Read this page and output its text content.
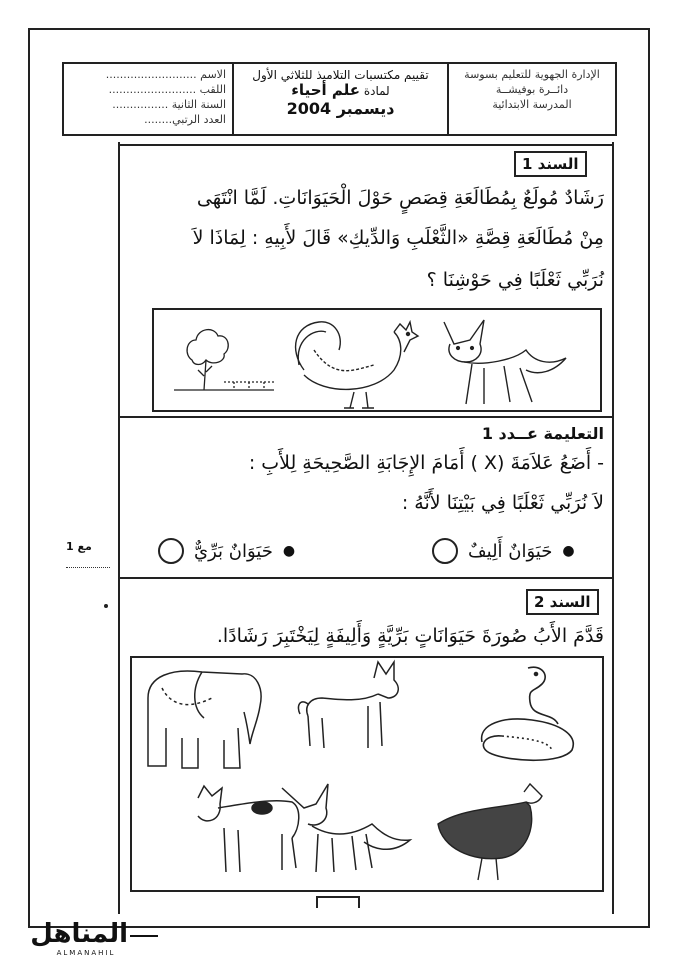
الاسم ..........................
اللقب .........................
السنة الثانية ................
العدد الرتبي........
تقييم مكتسبات التلاميذ للثلاثي الأول
لمادة علم أحياء
ديسمبر 2004
الإدارة الجهوية للتعليم بسوسة
دائــرة بوفيشــة
المدرسة الابتدائية
مع 1
السند 1
رَشَادٌ مُولَعٌ بِمُطَالَعَةِ قِصَصٍ حَوْلَ الْحَيَوَانَاتِ. لَمَّا انْتَهَى
مِنْ مُطَالَعَةِ قِصَّةِ «الثَّعْلَبِ وَالدِّيكِ» قَالَ لأَبِيهِ : لِمَاذَا لاَ
نُرَبِّي ثَعْلَبًا فِي حَوْشِنَا ؟
التعليمة عــدد 1
- أَضَعُ عَلاَمَةَ (X ) أَمَامَ الإِجَابَةِ الصَّحِيحَةِ لِلأَبِ :
لاَ نُرَبِّي ثَعْلَبًا فِي بَيْتِنَا لأَنَّهُ :
●
حَيَوَانٌ أَلِيفٌ
●
حَيَوَانٌ بَرِّيٌّ
السند 2
قَدَّمَ الأَبُ صُورَةَ حَيَوَانَاتٍ بَرِّيَّةٍ وَأَلِيفَةٍ لِيَخْتَبِرَ رَشَادًا.
المناهل
ALMANAHIL
